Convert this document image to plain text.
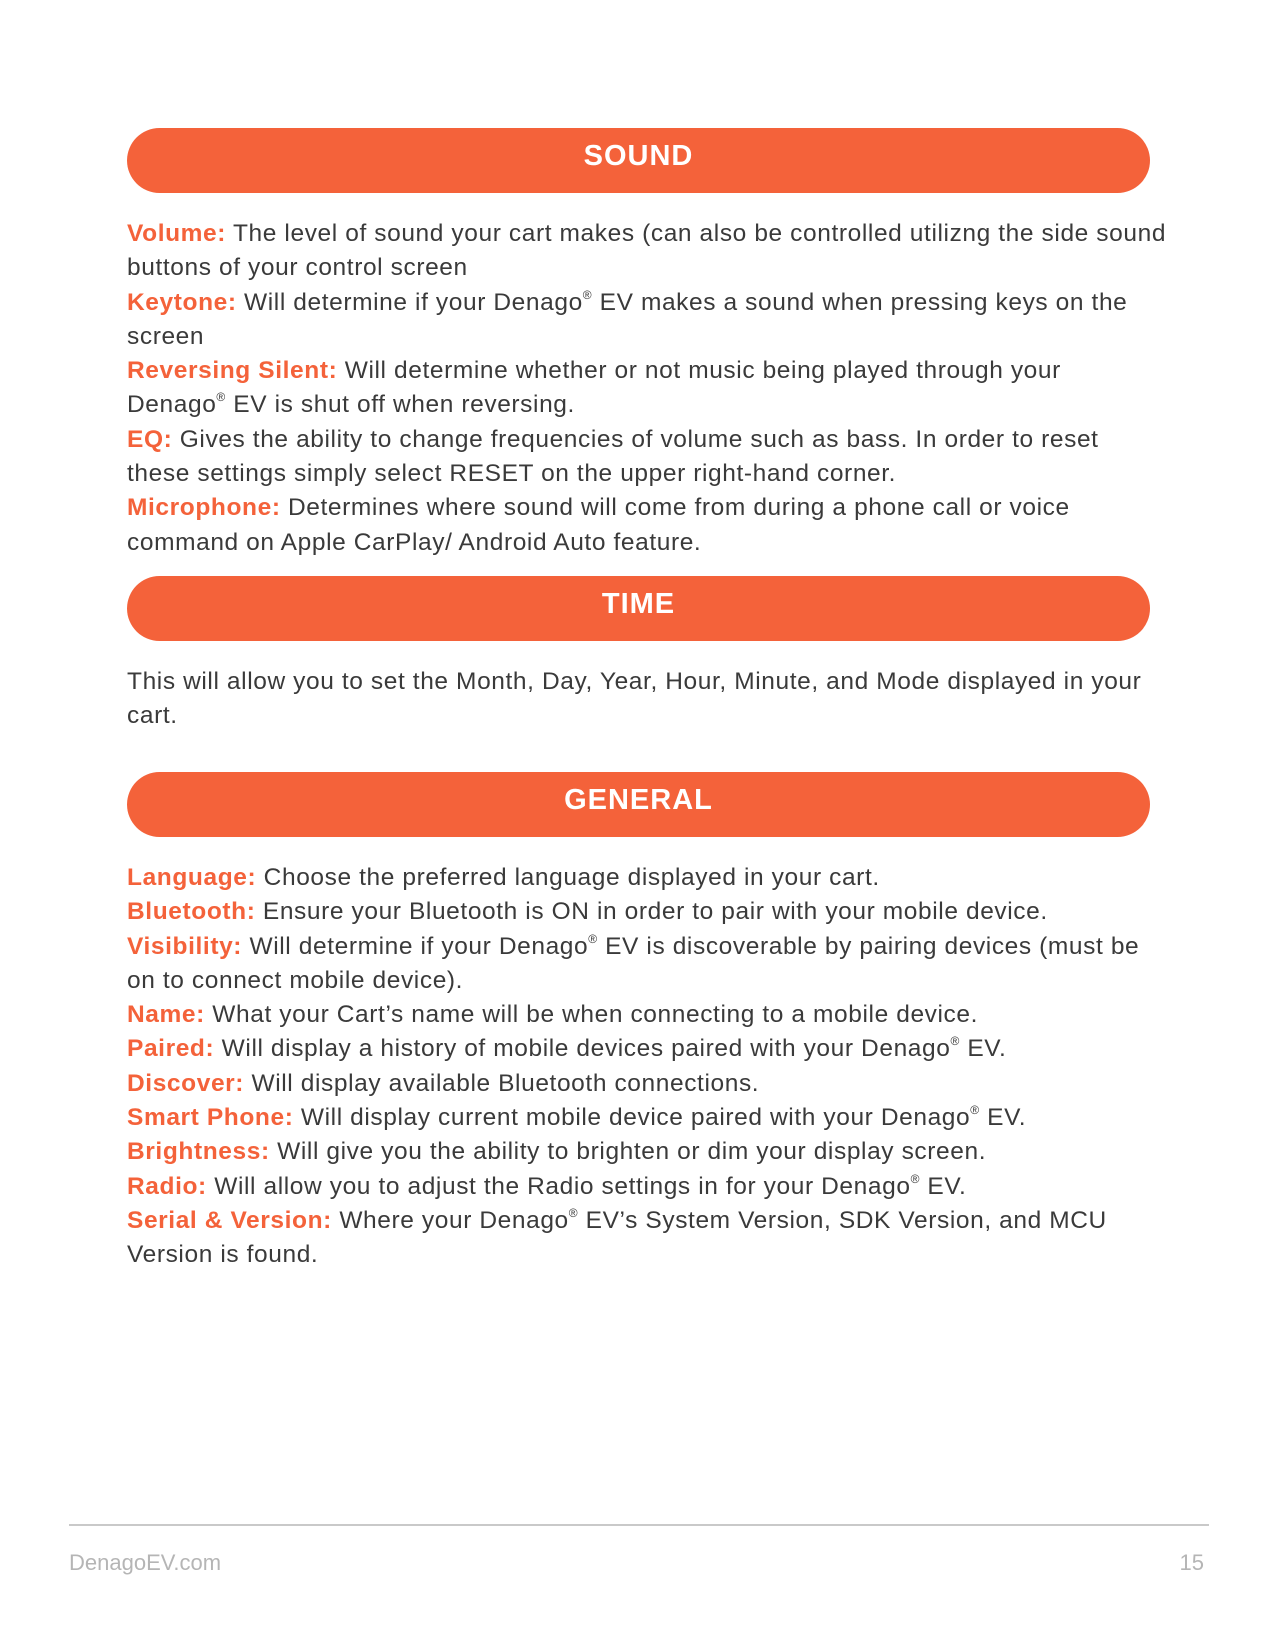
SOUND
Volume: The level of sound your cart makes (can also be controlled utilizng the side sound buttons of your control screen
Keytone: Will determine if your Denago® EV makes a sound when pressing keys on the screen
Reversing Silent: Will determine whether or not music being played through your Denago® EV is shut off when reversing.
EQ: Gives the ability to change frequencies of volume such as bass. In order to reset these settings simply select RESET on the upper right-hand corner.
Microphone: Determines where sound will come from during a phone call or voice command on Apple CarPlay/ Android Auto feature.
TIME
This will allow you to set the Month, Day, Year, Hour, Minute, and Mode displayed in your cart.
GENERAL
Language: Choose the preferred language displayed in your cart.
Bluetooth: Ensure your Bluetooth is ON in order to pair with your mobile device.
Visibility: Will determine if your Denago® EV is discoverable by pairing devices (must be on to connect mobile device).
Name: What your Cart’s name will be when connecting to a mobile device.
Paired: Will display a history of mobile devices paired with your Denago® EV.
Discover: Will display available Bluetooth connections.
Smart Phone: Will display current mobile device paired with your Denago® EV.
Brightness: Will give you the ability to brighten or dim your display screen.
Radio: Will allow you to adjust the Radio settings in for your Denago® EV.
Serial & Version: Where your Denago® EV’s System Version, SDK Version, and MCU Version is found.
DenagoEV.com	15
